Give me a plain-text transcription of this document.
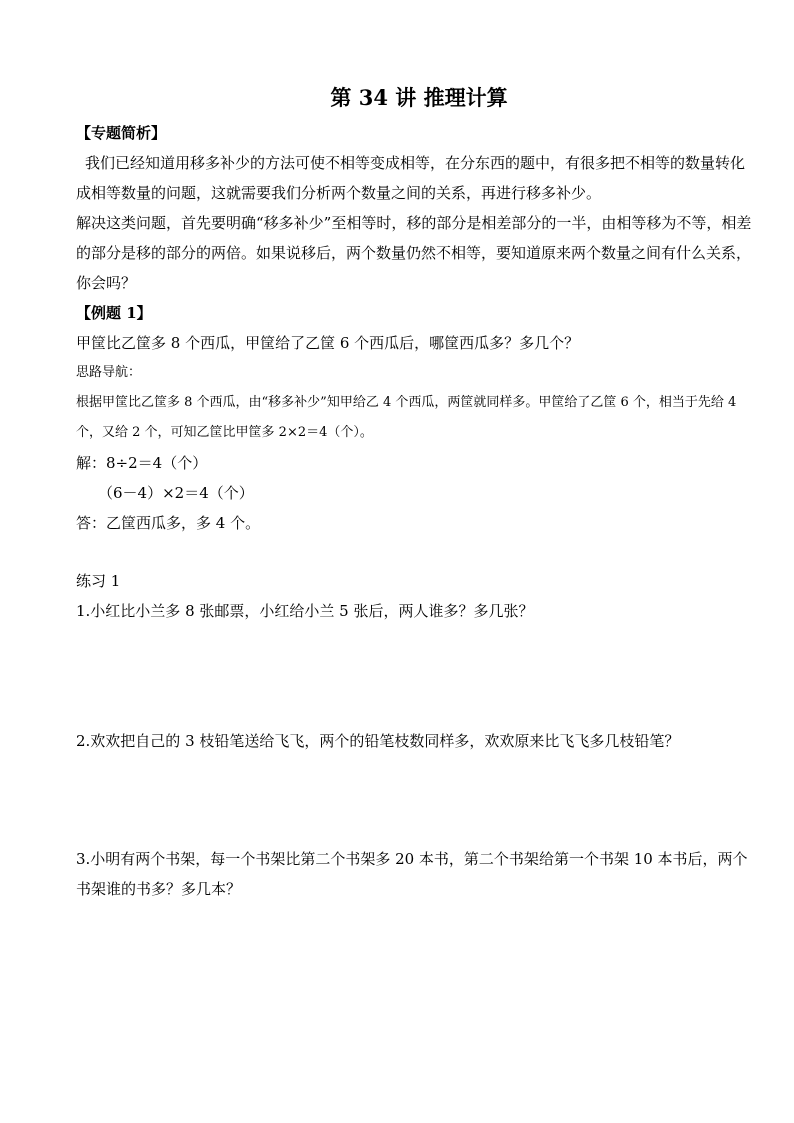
第 34 讲 推理计算

【专题简析】

我们已经知道用移多补少的方法可使不相等变成相等，在分东西的题中，有很多把不相等的数量转化成相等数量的问题，这就需要我们分析两个数量之间的关系，再进行移多补少。

解决这类问题，首先要明确“移多补少”至相等时，移的部分是相差部分的一半，由相等移为不等，相差的部分是移的部分的两倍。如果说移后，两个数量仍然不相等，要知道原来两个数量之间有什么关系，你会吗？

【例题 1】

甲筐比乙筐多 8 个西瓜，甲筐给了乙筐 6 个西瓜后，哪筐西瓜多？多几个？

思路导航：

根据甲筐比乙筐多 8 个西瓜，由“移多补少”知甲给乙 4 个西瓜，两筐就同样多。甲筐给了乙筐 6 个，相当于先给 4 个，又给 2 个，可知乙筐比甲筐多 2×2＝4（个）。

解：8÷2＝4（个）

（6－4）×2＝4（个）

答：乙筐西瓜多，多 4 个。

练习 1

1.小红比小兰多 8 张邮票，小红给小兰 5 张后，两人谁多？多几张？

2.欢欢把自己的 3 枝铅笔送给飞飞，两个的铅笔枝数同样多，欢欢原来比飞飞多几枝铅笔？

3.小明有两个书架，每一个书架比第二个书架多 20 本书，第二个书架给第一个书架 10 本书后，两个书架谁的书多？多几本？
